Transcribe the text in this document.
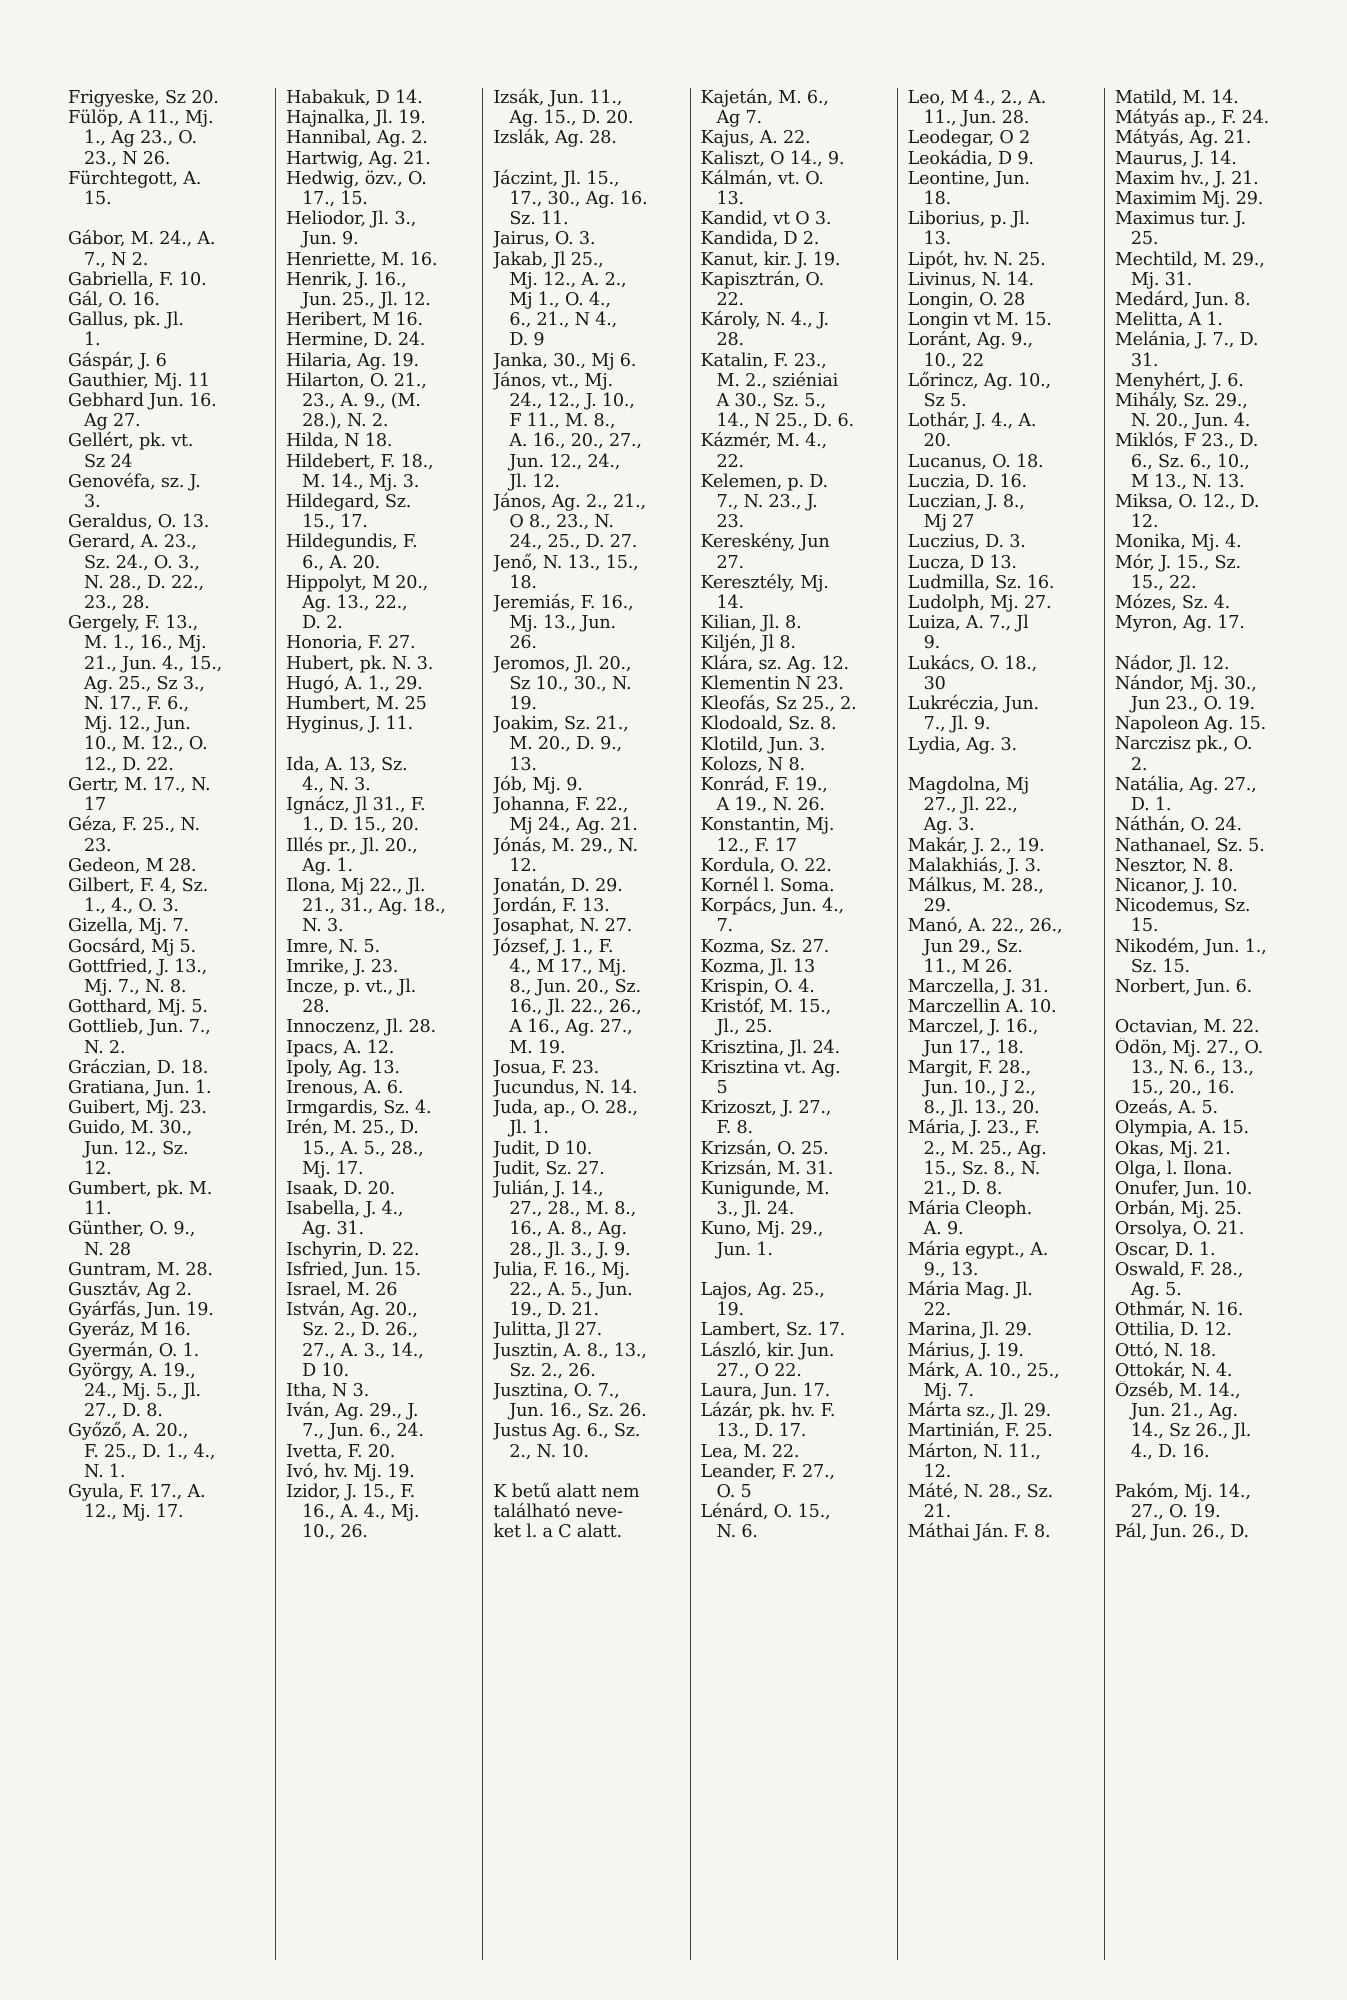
Frigyeske, Sz 20.
Fülöp, A 11., Mj.
1., Ag 23., O.
23., N 26.
Fürchtegott, A.
15.
Gábor, M. 24., A.
7., N 2.
Gabriella, F. 10.
Gál, O. 16.
Gallus, pk. Jl.
1.
Gáspár, J. 6
Gauthier, Mj. 11
Gebhard Jun. 16.
Ag 27.
Gellért, pk. vt.
Sz 24
Genovéfa, sz. J.
3.
Geraldus, O. 13.
Gerard, A. 23.,
Sz. 24., O. 3.,
N. 28., D. 22.,
23., 28.
Gergely, F. 13.,
M. 1., 16., Mj.
21., Jun. 4., 15.,
Ag. 25., Sz 3.,
N. 17., F. 6.,
Mj. 12., Jun.
10., M. 12., O.
12., D. 22.
Gertr, M. 17., N.
17
Géza, F. 25., N.
23.
Gedeon, M 28.
Gilbert, F. 4, Sz.
1., 4., O. 3.
Gizella, Mj. 7.
Gocsárd, Mj 5.
Gottfried, J. 13.,
Mj. 7., N. 8.
Gotthard, Mj. 5.
Gottlieb, Jun. 7.,
N. 2.
Gráczian, D. 18.
Gratiana, Jun. 1.
Guibert, Mj. 23.
Guido, M. 30.,
Jun. 12., Sz.
12.
Gumbert, pk. M.
11.
Günther, O. 9.,
N. 28
Guntram, M. 28.
Gusztáv, Ag 2.
Gyárfás, Jun. 19.
Gyeráz, M 16.
Gyermán, O. 1.
György, A. 19.,
24., Mj. 5., Jl.
27., D. 8.
Győző, A. 20.,
F. 25., D. 1., 4.,
N. 1.
Gyula, F. 17., A.
12., Mj. 17.
Habakuk, D 14.
Hajnalka, Jl. 19.
Hannibal, Ag. 2.
Hartwig, Ag. 21.
Hedwig, özv., O.
17., 15.
Heliodor, Jl. 3.,
Jun. 9.
Henriette, M. 16.
Henrik, J. 16.,
Jun. 25., Jl. 12.
Heribert, M 16.
Hermine, D. 24.
Hilaria, Ag. 19.
Hilarton, O. 21.,
23., A. 9., (M.
28.), N. 2.
Hilda, N 18.
Hildebert, F. 18.,
M. 14., Mj. 3.
Hildegard, Sz.
15., 17.
Hildegundis, F.
6., A. 20.
Hippolyt, M 20.,
Ag. 13., 22.,
D. 2.
Honoria, F. 27.
Hubert, pk. N. 3.
Hugó, A. 1., 29.
Humbert, M. 25
Hyginus, J. 11.
Ida, A. 13, Sz.
4., N. 3.
Ignácz, Jl 31., F.
1., D. 15., 20.
Illés pr., Jl. 20.,
Ag. 1.
Ilona, Mj 22., Jl.
21., 31., Ag. 18.,
N. 3.
Imre, N. 5.
Imrike, J. 23.
Incze, p. vt., Jl.
28.
Innoczenz, Jl. 28.
Ipacs, A. 12.
Ipoly, Ag. 13.
Irenous, A. 6.
Irmgardis, Sz. 4.
Irén, M. 25., D.
15., A. 5., 28.,
Mj. 17.
Isaak, D. 20.
Isabella, J. 4.,
Ag. 31.
Ischyrin, D. 22.
Isfried, Jun. 15.
Israel, M. 26
István, Ag. 20.,
Sz. 2., D. 26.,
27., A. 3., 14.,
D 10.
Itha, N 3.
Iván, Ag. 29., J.
7., Jun. 6., 24.
Ivetta, F. 20.
Ivó, hv. Mj. 19.
Izidor, J. 15., F.
16., A. 4., Mj.
10., 26.
Izsák, Jun. 11.,
Ag. 15., D. 20.
Izslák, Ag. 28.
Jáczint, Jl. 15.,
17., 30., Ag. 16.
Sz. 11.
Jairus, O. 3.
Jakab, Jl 25.,
Mj. 12., A. 2.,
Mj 1., O. 4.,
6., 21., N 4.,
D. 9
Janka, 30., Mj 6.
János, vt., Mj.
24., 12., J. 10.,
F 11., M. 8.,
A. 16., 20., 27.,
Jun. 12., 24.,
Jl. 12.
János, Ag. 2., 21.,
O 8., 23., N.
24., 25., D. 27.
Jenő, N. 13., 15.,
18.
Jeremiás, F. 16.,
Mj. 13., Jun.
26.
Jeromos, Jl. 20.,
Sz 10., 30., N.
19.
Joakim, Sz. 21.,
M. 20., D. 9.,
13.
Jób, Mj. 9.
Johanna, F. 22.,
Mj 24., Ag. 21.
Jónás, M. 29., N.
12.
Jonatán, D. 29.
Jordán, F. 13.
Josaphat, N. 27.
József, J. 1., F.
4., M 17., Mj.
8., Jun. 20., Sz.
16., Jl. 22., 26.,
A 16., Ag. 27.,
M. 19.
Josua, F. 23.
Jucundus, N. 14.
Juda, ap., O. 28.,
Jl. 1.
Judit, D 10.
Judit, Sz. 27.
Julián, J. 14.,
27., 28., M. 8.,
16., A. 8., Ag.
28., Jl. 3., J. 9.
Julia, F. 16., Mj.
22., A. 5., Jun.
19., D. 21.
Julitta, Jl 27.
Jusztin, A. 8., 13.,
Sz. 2., 26.
Jusztina, O. 7.,
Jun. 16., Sz. 26.
Justus Ag. 6., Sz.
2., N. 10.
K betű alatt nem
található neve-
ket l. a C alatt.
Kajetán, M. 6.,
Ag 7.
Kajus, A. 22.
Kaliszt, O 14., 9.
Kálmán, vt. O.
13.
Kandid, vt O 3.
Kandida, D 2.
Kanut, kir. J. 19.
Kapisztrán, O.
22.
Károly, N. 4., J.
28.
Katalin, F. 23.,
M. 2., sziéniai
A 30., Sz. 5.,
14., N 25., D. 6.
Kázmér, M. 4.,
22.
Kelemen, p. D.
7., N. 23., J.
23.
Kereskény, Jun
27.
Keresztély, Mj.
14.
Kilian, Jl. 8.
Kiljén, Jl 8.
Klára, sz. Ag. 12.
Klementin N 23.
Kleofás, Sz 25., 2.
Klodoald, Sz. 8.
Klotild, Jun. 3.
Kolozs, N 8.
Konrád, F. 19.,
A 19., N. 26.
Konstantin, Mj.
12., F. 17
Kordula, O. 22.
Kornél l. Soma.
Korpács, Jun. 4.,
7.
Kozma, Sz. 27.
Kozma, Jl. 13
Krispin, O. 4.
Kristóf, M. 15.,
Jl., 25.
Krisztina, Jl. 24.
Krisztina vt. Ag.
5
Krizoszt, J. 27.,
F. 8.
Krizsán, O. 25.
Krizsán, M. 31.
Kunigunde, M.
3., Jl. 24.
Kuno, Mj. 29.,
Jun. 1.
Lajos, Ag. 25.,
19.
Lambert, Sz. 17.
László, kir. Jun.
27., O 22.
Laura, Jun. 17.
Lázár, pk. hv. F.
13., D. 17.
Lea, M. 22.
Leander, F. 27.,
O. 5
Lénárd, O. 15.,
N. 6.
Leo, M 4., 2., A.
11., Jun. 28.
Leodegar, O 2
Leokádia, D 9.
Leontine, Jun.
18.
Liborius, p. Jl.
13.
Lipót, hv. N. 25.
Livinus, N. 14.
Longin, O. 28
Longin vt M. 15.
Loránt, Ag. 9.,
10., 22
Lőrincz, Ag. 10.,
Sz 5.
Lothár, J. 4., A.
20.
Lucanus, O. 18.
Luczia, D. 16.
Luczian, J. 8.,
Mj 27
Luczius, D. 3.
Lucza, D 13.
Ludmilla, Sz. 16.
Ludolph, Mj. 27.
Luiza, A. 7., Jl
9.
Lukács, O. 18.,
30
Lukréczia, Jun.
7., Jl. 9.
Lydia, Ag. 3.
Magdolna, Mj
27., Jl. 22.,
Ag. 3.
Makár, J. 2., 19.
Malakhiás, J. 3.
Málkus, M. 28.,
29.
Manó, A. 22., 26.,
Jun 29., Sz.
11., M 26.
Marczella, J. 31.
Marczellin A. 10.
Marczel, J. 16.,
Jun 17., 18.
Margit, F. 28.,
Jun. 10., J 2.,
8., Jl. 13., 20.
Mária, J. 23., F.
2., M. 25., Ag.
15., Sz. 8., N.
21., D. 8.
Mária Cleoph.
A. 9.
Mária egypt., A.
9., 13.
Mária Mag. Jl.
22.
Marina, Jl. 29.
Márius, J. 19.
Márk, A. 10., 25.,
Mj. 7.
Márta sz., Jl. 29.
Martinián, F. 25.
Márton, N. 11.,
12.
Máté, N. 28., Sz.
21.
Máthai Ján. F. 8.
Matild, M. 14.
Mátyás ap., F. 24.
Mátyás, Ag. 21.
Maurus, J. 14.
Maxim hv., J. 21.
Maximim Mj. 29.
Maximus tur. J.
25.
Mechtild, M. 29.,
Mj. 31.
Medárd, Jun. 8.
Melitta, A 1.
Melánia, J. 7., D.
31.
Menyhért, J. 6.
Mihály, Sz. 29.,
N. 20., Jun. 4.
Miklós, F 23., D.
6., Sz. 6., 10.,
M 13., N. 13.
Miksa, O. 12., D.
12.
Monika, Mj. 4.
Mór, J. 15., Sz.
15., 22.
Mózes, Sz. 4.
Myron, Ag. 17.
Nádor, Jl. 12.
Nándor, Mj. 30.,
Jun 23., O. 19.
Napoleon Ag. 15.
Narczisz pk., O.
2.
Natália, Ag. 27.,
D. 1.
Náthán, O. 24.
Nathanael, Sz. 5.
Nesztor, N. 8.
Nicanor, J. 10.
Nicodemus, Sz.
15.
Nikodém, Jun. 1.,
Sz. 15.
Norbert, Jun. 6.
Octavian, M. 22.
Ödön, Mj. 27., O.
13., N. 6., 13.,
15., 20., 16.
Ozeás, A. 5.
Olympia, A. 15.
Okas, Mj. 21.
Olga, l. Ilona.
Onufer, Jun. 10.
Orbán, Mj. 25.
Orsolya, O. 21.
Oscar, D. 1.
Oswald, F. 28.,
Ag. 5.
Othmár, N. 16.
Ottilia, D. 12.
Ottó, N. 18.
Ottokár, N. 4.
Özséb, M. 14.,
Jun. 21., Ag.
14., Sz 26., Jl.
4., D. 16.
Pakóm, Mj. 14.,
27., O. 19.
Pál, Jun. 26., D.
